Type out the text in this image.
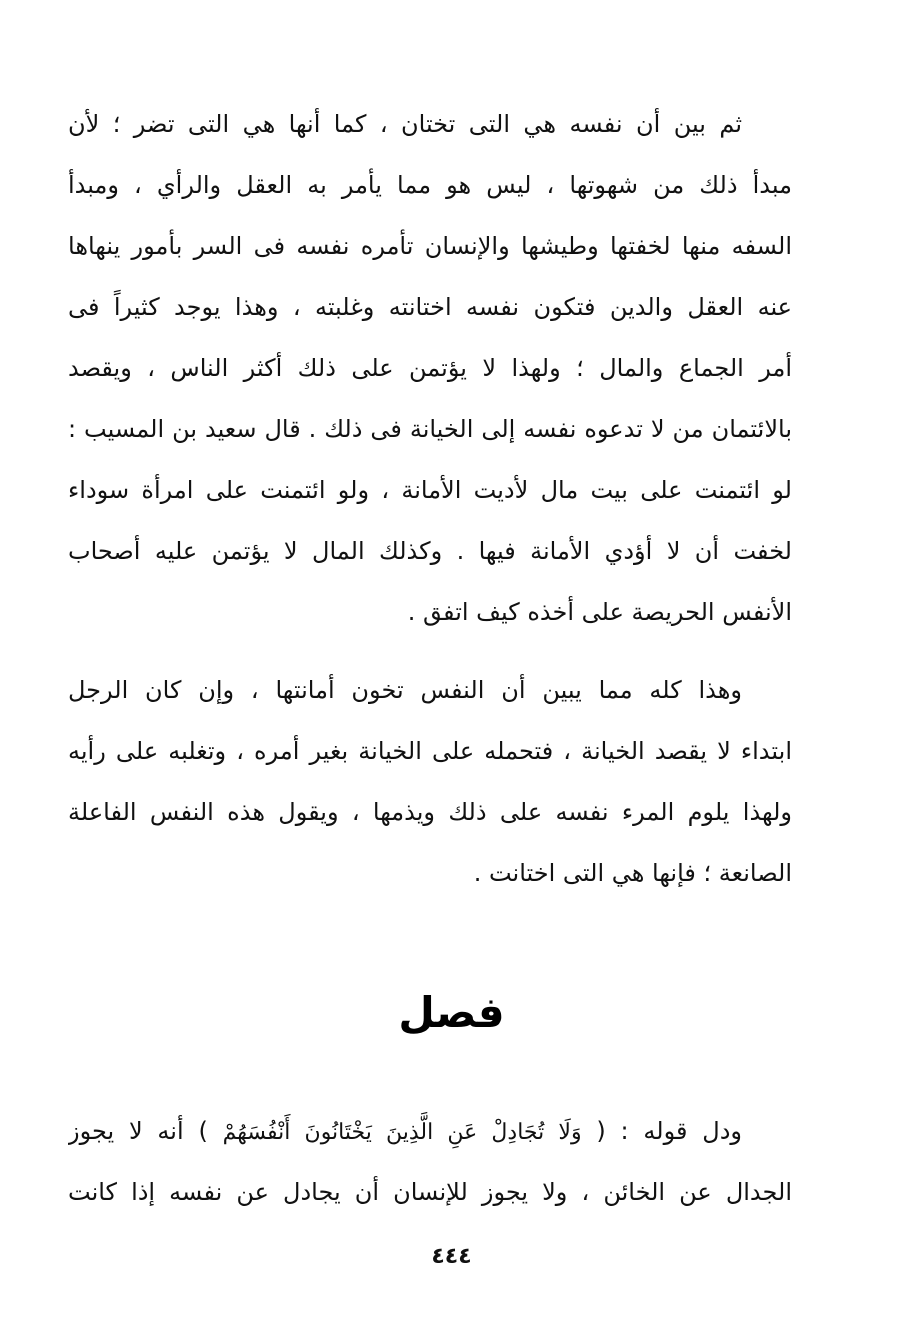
ثم بين أن نفسه هي التى تختان ، كما أنها هي التى تضر ؛ لأن
مبدأ ذلك من شهوتها ، ليس هو مما يأمر به العقل والرأي ، ومبدأ
السفه منها لخفتها وطيشها والإنسان تأمره نفسه فى السر بأمور ينهاها
عنه العقل والدين فتكون نفسه اختانته وغلبته ، وهذا يوجد كثيراً فى
أمر الجماع والمال ؛ ولهذا لا يؤتمن على ذلك أكثر الناس ، ويقصد
بالائتمان من لا تدعوه نفسه إلى الخيانة فى ذلك . قال سعيد بن المسيب :
لو ائتمنت على بيت مال لأديت الأمانة ، ولو ائتمنت على امرأة سوداء
لخفت أن لا أؤدي الأمانة فيها . وكذلك المال لا يؤتمن عليه أصحاب
الأنفس الحريصة على أخذه كيف اتفق .
وهذا كله مما يبين أن النفس تخون أمانتها ، وإن كان الرجل
ابتداء لا يقصد الخيانة ، فتحمله على الخيانة بغير أمره ، وتغلبه على رأيه
ولهذا يلوم المرء نفسه على ذلك ويذمها ، ويقول هذه النفس الفاعلة
الصانعة ؛ فإنها هي التى اختانت .
فصل
ودل قوله : ( وَلَا تُجَادِلْ عَنِ الَّذِينَ يَخْتَانُونَ أَنْفُسَهُمْ ) أنه لا يجوز
الجدال عن الخائن ، ولا يجوز للإنسان أن يجادل عن نفسه إذا كانت
٤٤٤
